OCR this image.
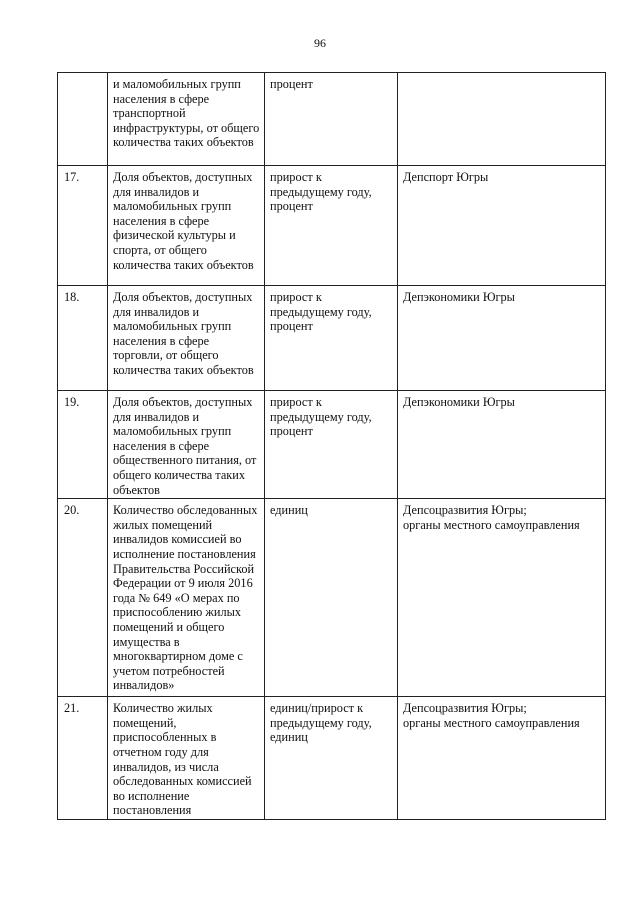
96
	и маломобильных групп населения в сфере транспортной инфраструктуры, от общего количества таких объектов	процент	
17.	Доля объектов, доступных для инвалидов и маломобильных групп населения в сфере физической культуры и спорта, от общего количества таких объектов	прирост к предыдущему году, процент	Депспорт Югры
18.	Доля объектов, доступных для инвалидов и маломобильных групп населения в сфере торговли, от общего количества таких объектов	прирост к предыдущему году, процент	Депэкономики Югры
19.	Доля объектов, доступных для инвалидов и маломобильных групп населения в сфере общественного питания, от общего количества таких объектов	прирост к предыдущему году, процент	Депэкономики Югры
20.	Количество обследованных жилых помещений инвалидов комиссией во исполнение постановления Правительства Российской Федерации от 9 июля 2016 года № 649 «О мерах по приспособлению жилых помещений и общего имущества в многоквартирном доме с учетом потребностей инвалидов»	единиц	Депсоцразвития Югры;
органы местного самоуправления
21.	Количество жилых помещений, приспособленных в отчетном году для инвалидов, из числа обследованных комиссией во исполнение постановления	единиц/прирост к предыдущему году, единиц	Депсоцразвития Югры;
органы местного самоуправления
